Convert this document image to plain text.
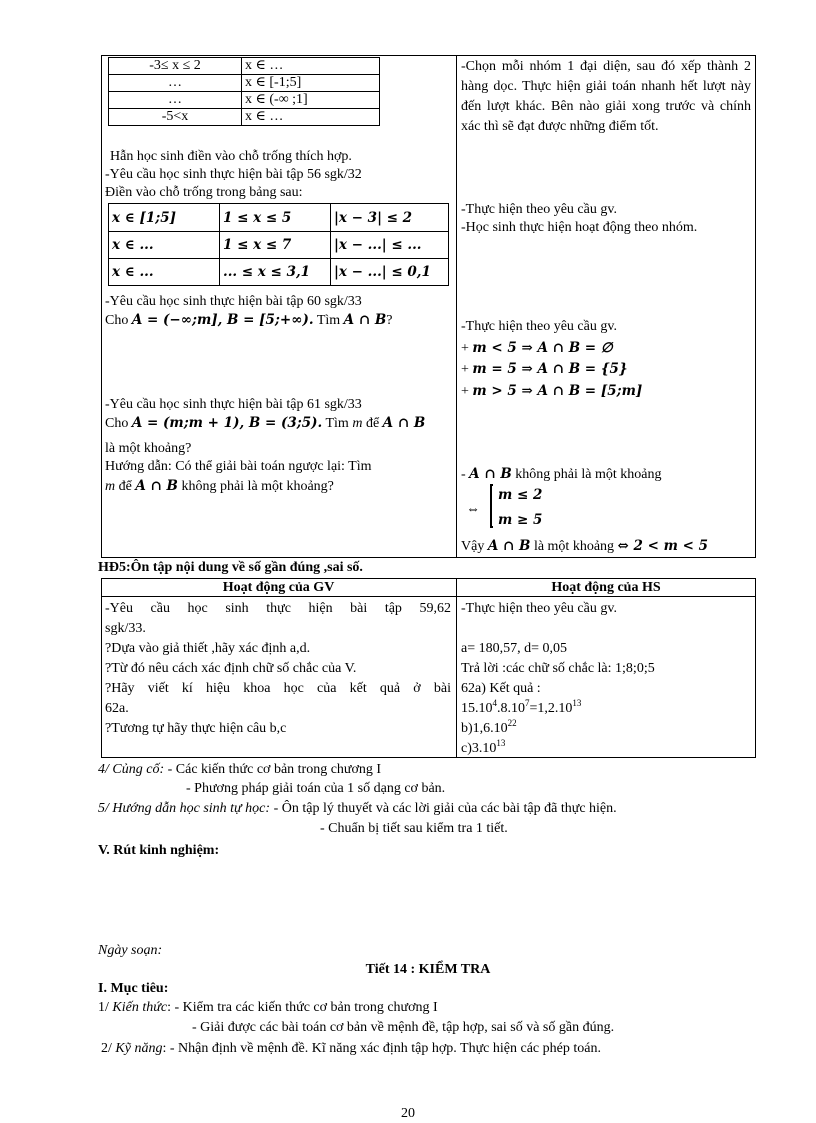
-3≤ x ≤ 2	x ∈ …
…	x ∈ [-1;5]
…	x ∈ (-∞ ;1]
-5<x	x ∈ …
Hẫn học sinh điền vào chỗ trống thích hợp.
-Yêu cầu học sinh thực hiện bài tập 56 sgk/32
Điền vào chỗ trống trong bảng sau:
x ∈ [1;5]	1 ≤ x ≤ 5	|x − 3| ≤ 2
x ∈ ...	1 ≤ x ≤ 7	|x − ...| ≤ ...
x ∈ ...	... ≤ x ≤ 3,1	|x − ...| ≤ 0,1
-Yêu cầu học sinh thực hiện bài tập 60 sgk/33
Cho A = (−∞;m], B = [5;+∞). Tìm A ∩ B?
-Yêu cầu học sinh thực hiện bài tập 61 sgk/33
Cho A = (m;m + 1), B = (3;5). Tìm m để A ∩ B
là một khoảng?
Hướng dẫn: Có thể giải bài toán ngược lại: Tìm
m để A ∩ B không phải là một khoảng?
-Chọn mỗi nhóm 1 đại diện, sau đó xếp thành 2 hàng dọc. Thực hiện giải toán nhanh hết lượt này đến lượt khác. Bên nào giải xong trước và chính xác thì sẽ đạt được những điểm tốt.
-Thực hiện theo yêu cầu gv.
-Học sinh thực hiện hoạt động theo nhóm.
-Thực hiện theo yêu cầu gv.
+ m < 5 ⇒ A ∩ B = ∅
+ m = 5 ⇒ A ∩ B = {5}
+ m > 5 ⇒ A ∩ B = [5;m]
- A ∩ B không phải là một khoảng
⇔
m ≤ 2
m ≥ 5
Vậy A ∩ B là một khoảng ⇔ 2 < m < 5
HĐ5:Ôn tập nội dung về số gần đúng ,sai số.
Hoạt động của GV	Hoạt động của HS
-Yêu cầu học sinh thực hiện bài tập 59,62
sgk/33.
?Dựa vào giả thiết ,hãy xác định a,d.
?Từ đó nêu cách xác định chữ số chắc của V.
?Hãy viết kí hiệu khoa học của kết quả ở bài
62a.
?Tương tự hãy thực hiện câu b,c
-Thực hiện theo yêu cầu gv.
a= 180,57, d= 0,05
Trả lời :các chữ số chắc là: 1;8;0;5
62a) Kết quả :
$15.10^4.8.10^7=1,2.10^{13}$
b)1,6.10$^{22}$
c)3.10$^{13}$
4/ Củng cố: - Các kiến thức cơ bản trong chương I
- Phương pháp giải toán của 1 số dạng cơ bản.
5/ Hướng dẫn học sinh tự học: - Ôn tập lý thuyết và các lời giải của các bài tập đã thực hiện.
- Chuẩn bị tiết sau kiểm tra 1 tiết.
V. Rút kinh nghiệm:
Ngày soạn:
Tiết 14 : KIỂM TRA
I. Mục tiêu:
1/ Kiến thức: - Kiểm tra các kiến thức cơ bản trong chương I
- Giải được các bài toán cơ bản về mệnh đề, tập hợp, sai số và số gần đúng.
2/ Kỹ năng: - Nhận định về mệnh đề. Kĩ năng xác định tập hợp. Thực hiện các phép toán.
20
